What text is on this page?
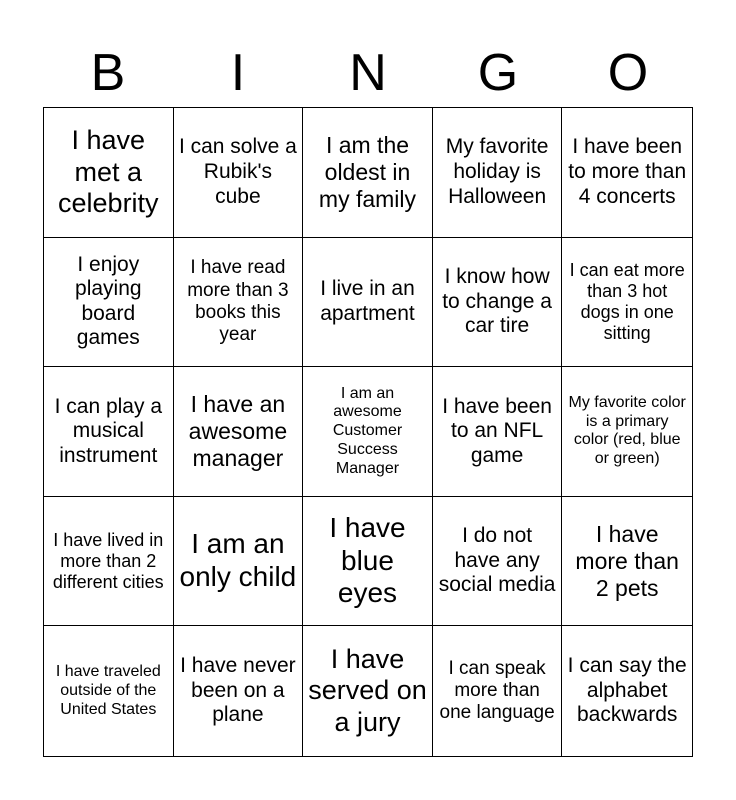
B	I	N	G	O
I have met a celebrity
I can solve a Rubik's cube
I am the oldest in my family
My favorite holiday is Halloween
I have been to more than 4 concerts
I enjoy playing board games
I have read more than 3 books this year
I live in an apartment
I know how to change a car tire
I can eat more than 3 hot dogs in one sitting
I can play a musical instrument
I have an awesome manager
I am an awesome Customer Success Manager
I have been to an NFL game
My favorite color is a primary color (red, blue or green)
I have lived in more than 2 different cities
I am an only child
I have blue eyes
I do not have any social media
I have more than 2 pets
I have traveled outside of the United States
I have never been on a plane
I have served on a jury
I can speak more than one language
I can say the alphabet backwards
